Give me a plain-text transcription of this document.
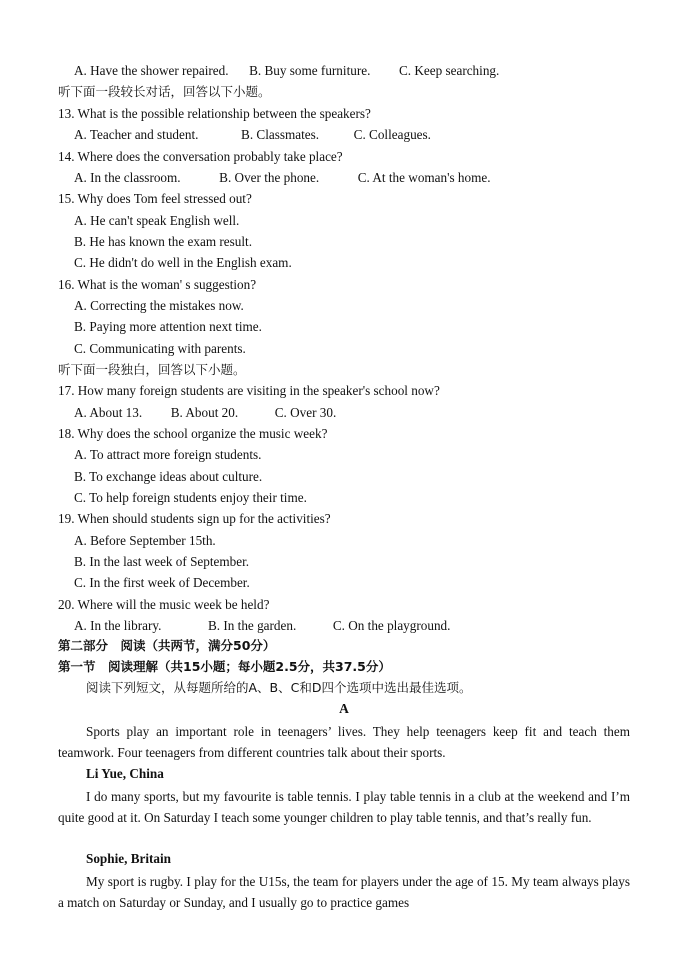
A. Have the shower repaired. B. Buy some furniture. C. Keep searching.
听下面一段较长对话，回答以下小题。
13. What is the possible relationship between the speakers?
A. Teacher and student.	B. Classmates.	C. Colleagues.
14. Where does the conversation probably take place?
A. In the classroom.	B. Over the phone.	C. At the woman's home.
15. Why does Tom feel stressed out?
A. He can't speak English well.
B. He has known the exam result.
C. He didn't do well in the English exam.
16. What is the woman' s suggestion?
A. Correcting the mistakes now.
B. Paying more attention next time.
C. Communicating with parents.
听下面一段独白，回答以下小题。
17. How many foreign students are visiting in the speaker's school now?
A. About 13. B. About 20.	C. Over 30.
18. Why does the school organize the music week?
A. To attract more foreign students.
B. To exchange ideas about culture.
C. To help foreign students enjoy their time.
19. When should students sign up for the activities?
A. Before September 15th.
B. In the last week of September.
C. In the first week of December.
20. Where will the music week be held?
A. In the library.	B. In the garden.	C. On the playground.
第二部分　阅读（共两节，满分50分）
第一节　阅读理解（共15小题；每小题2.5分，共37.5分）
阅读下列短文，从每题所给的A、B、C和D四个选项中选出最佳选项。
A
Sports play an important role in teenagers’ lives. They help teenagers keep fit and teach them teamwork. Four teenagers from different countries talk about their sports.
Li Yue, China
I do many sports, but my favourite is table tennis. I play table tennis in a club at the weekend and I’m quite good at it. On Saturday I teach some younger children to play table tennis, and that’s really fun.
Sophie, Britain
My sport is rugby. I play for the U15s, the team for players under the age of 15. My team always plays a match on Saturday or Sunday, and I usually go to practice games
